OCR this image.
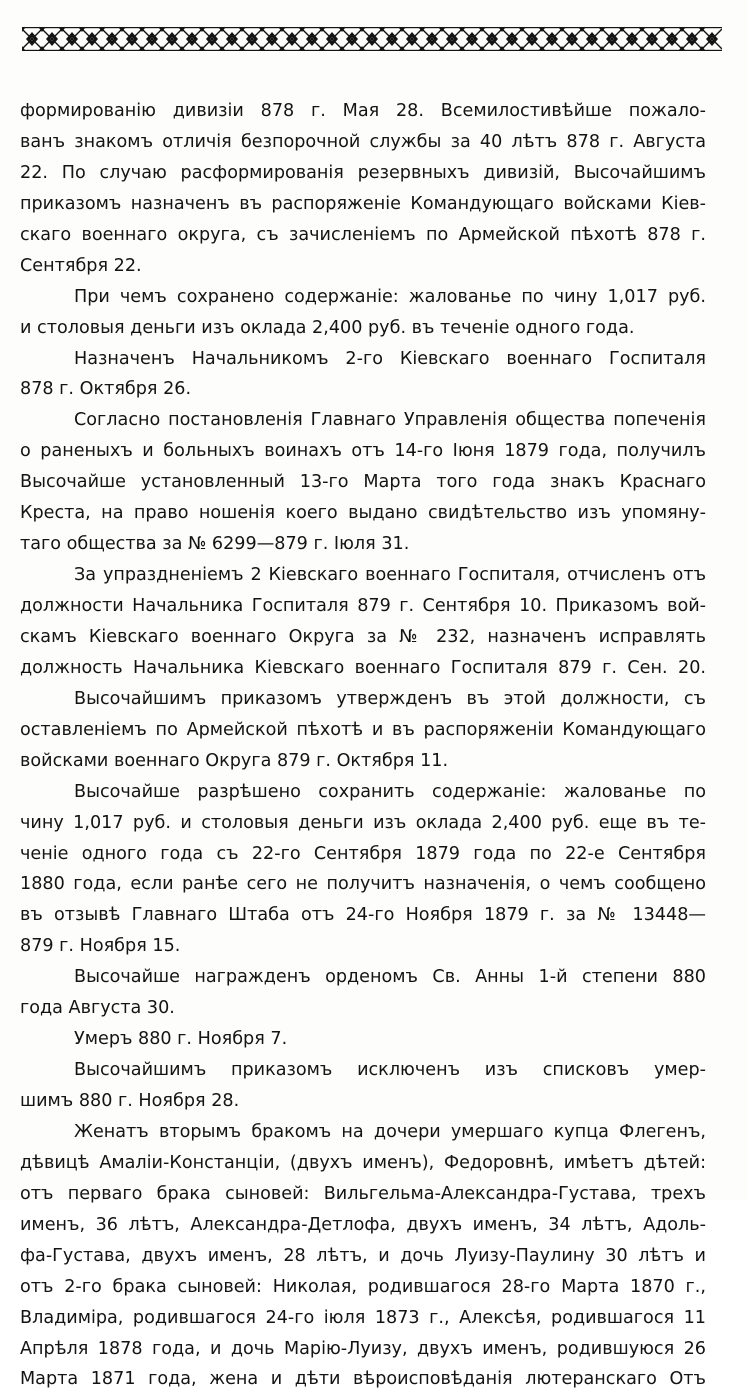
формированію дивизіи 878 г. Мая 28. Всемилостивѣйше пожало-
ванъ знакомъ отличія безпорочной службы за 40 лѣтъ 878 г. Августа
22. По случаю расформированія резервныхъ дивизій, Высочайшимъ
приказомъ назначенъ въ распоряженіе Командующаго войсками Кіев-
скаго военнаго округа, съ зачисленіемъ по Армейской пѣхотѣ 878 г.
Сентября 22.
При чемъ сохранено содержаніе: жалованье по чину 1,017 руб.
и столовыя деньги изъ оклада 2,400 руб. въ теченіе одного года.
Назначенъ Начальникомъ 2-го Кіевскаго военнаго Госпиталя
878 г. Октября 26.
Согласно постановленія Главнаго Управленія общества попеченія
о раненыхъ и больныхъ воинахъ отъ 14-го Іюня 1879 года, получилъ
Высочайше установленный 13-го Марта того года знакъ Краснаго
Креста, на право ношенія коего выдано свидѣтельство изъ упомяну-
таго общества за № 6299—879 г. Іюля 31.
За упраздненіемъ 2 Кіевскаго военнаго Госпиталя, отчисленъ отъ
должности Начальника Госпиталя 879 г. Сентября 10. Приказомъ вой-
скамъ Кіевскаго военнаго Округа за № 232, назначенъ исправлять
должность Начальника Кіевскаго военнаго Госпиталя 879 г. Сен. 20.
Высочайшимъ приказомъ утвержденъ въ этой должности, съ
оставленіемъ по Армейской пѣхотѣ и въ распоряженіи Командующаго
войсками военнаго Округа 879 г. Октября 11.
Высочайше разрѣшено сохранить содержаніе: жалованье по
чину 1,017 руб. и столовыя деньги изъ оклада 2,400 руб. еще въ те-
ченіе одного года съ 22-го Сентября 1879 года по 22-е Сентября
1880 года, если ранѣе сего не получитъ назначенія, о чемъ сообщено
въ отзывѣ Главнаго Штаба отъ 24-го Ноября 1879 г. за № 13448—
879 г. Ноября 15.
Высочайше награжденъ орденомъ Св. Анны 1-й степени 880
года Августа 30.
Умеръ 880 г. Ноября 7.
Высочайшимъ приказомъ исключенъ изъ списковъ умер-
шимъ 880 г. Ноября 28.
Женатъ вторымъ бракомъ на дочери умершаго купца Флегенъ,
дѣвицѣ Амаліи-Констанціи, (двухъ именъ), Федоровнѣ, имѣетъ дѣтей:
отъ перваго брака сыновей: Вильгельма-Александра-Густава, трехъ
именъ, 36 лѣтъ, Александра-Детлофа, двухъ именъ, 34 лѣтъ, Адоль-
фа-Густава, двухъ именъ, 28 лѣтъ, и дочь Луизу-Паулину 30 лѣтъ и
отъ 2-го брака сыновей: Николая, родившагося 28-го Марта 1870 г.,
Владиміра, родившагося 24-го іюля 1873 г., Алексѣя, родившагося 11
Апрѣля 1878 года, и дочь Марію-Луизу, двухъ именъ, родившуюся 26
Марта 1871 года, жена и дѣти вѣроисповѣданія лютеранскаго Отъ
